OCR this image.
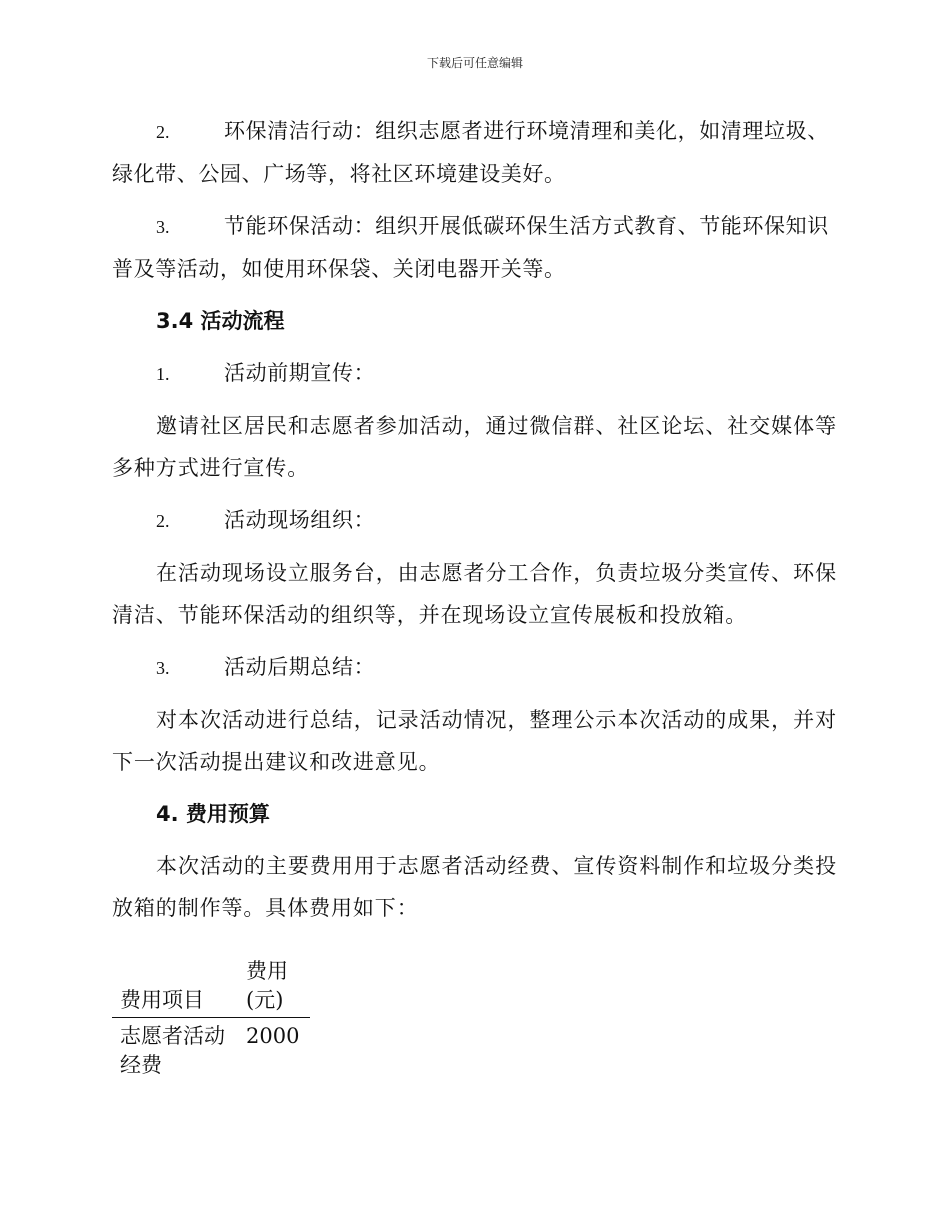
下载后可任意编辑
2.	环保清洁行动：组织志愿者进行环境清理和美化，如清理垃圾、
绿化带、公园、广场等，将社区环境建设美好。
3.	节能环保活动：组织开展低碳环保生活方式教育、节能环保知识
普及等活动，如使用环保袋、关闭电器开关等。
3.4 活动流程
1.	活动前期宣传：

邀请社区居民和志愿者参加活动，通过微信群、社区论坛、社交媒体等多种方式进行宣传。

2.	活动现场组织：

在活动现场设立服务台，由志愿者分工合作，负责垃圾分类宣传、环保清洁、节能环保活动的组织等，并在现场设立宣传展板和投放箱。

3.	活动后期总结：

对本次活动进行总结，记录活动情况，整理公示本次活动的成果，并对下一次活动提出建议和改进意见。

4. 费用预算

本次活动的主要费用用于志愿者活动经费、宣传资料制作和垃圾分类投放箱的制作等。具体费用如下：

费用项目	费用(元)
志愿者活动经费	2000
